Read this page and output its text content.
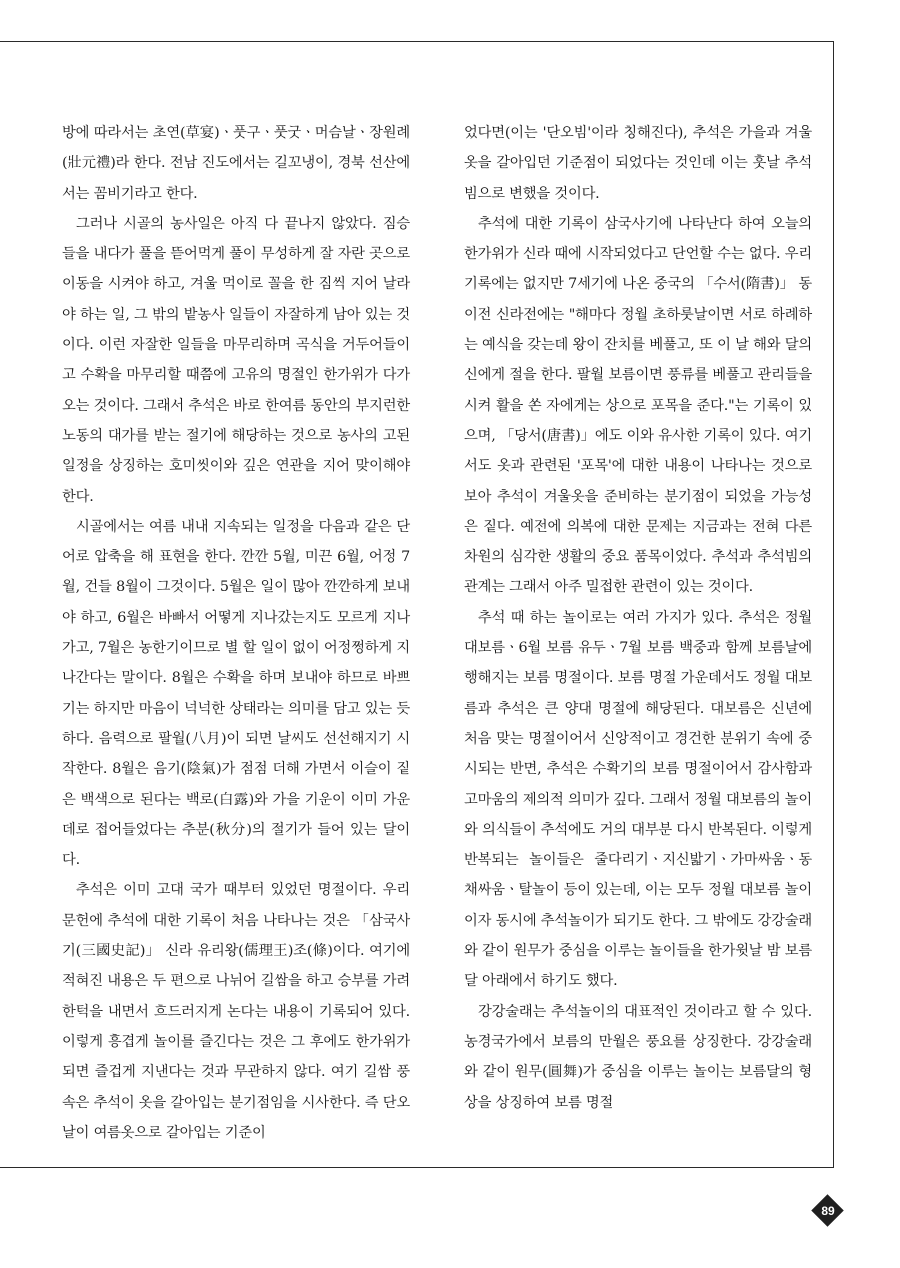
방에 따라서는 초연(草宴)ㆍ풋구ㆍ풋굿ㆍ머슴날ㆍ장원례(壯元禮)라 한다. 전남 진도에서는 길꼬냉이, 경북 선산에서는 꼼비기라고 한다.

그러나 시골의 농사일은 아직 다 끝나지 않았다. 짐승들을 내다가 풀을 뜯어먹게 풀이 무성하게 잘 자란 곳으로 이동을 시켜야 하고, 겨울 먹이로 꼴을 한 짐씩 지어 날라야 하는 일, 그 밖의 밭농사 일들이 자잘하게 남아 있는 것이다. 이런 자잘한 일들을 마무리하며 곡식을 거두어들이고 수확을 마무리할 때쯤에 고유의 명절인 한가위가 다가오는 것이다. 그래서 추석은 바로 한여름 동안의 부지런한 노동의 대가를 받는 절기에 해당하는 것으로 농사의 고된 일정을 상징하는 호미씻이와 깊은 연관을 지어 맞이해야 한다.

시골에서는 여름 내내 지속되는 일정을 다음과 같은 단어로 압축을 해 표현을 한다. 깐깐 5월, 미끈 6월, 어정 7월, 건들 8월이 그것이다. 5월은 일이 많아 깐깐하게 보내야 하고, 6월은 바빠서 어떻게 지나갔는지도 모르게 지나가고, 7월은 농한기이므로 별 할 일이 없이 어정쩡하게 지나간다는 말이다. 8월은 수확을 하며 보내야 하므로 바쁘기는 하지만 마음이 넉넉한 상태라는 의미를 담고 있는 듯하다. 음력으로 팔월(八月)이 되면 날씨도 선선해지기 시작한다. 8월은 음기(陰氣)가 점점 더해 가면서 이슬이 짙은 백색으로 된다는 백로(白露)와 가을 기운이 이미 가운데로 접어들었다는 추분(秋分)의 절기가 들어 있는 달이다.

추석은 이미 고대 국가 때부터 있었던 명절이다. 우리 문헌에 추석에 대한 기록이 처음 나타나는 것은 「삼국사기(三國史記)」 신라 유리왕(儒理王)조(條)이다. 여기에 적혀진 내용은 두 편으로 나뉘어 길쌈을 하고 승부를 가려 한턱을 내면서 흐드러지게 논다는 내용이 기록되어 있다. 이렇게 흥겹게 놀이를 즐긴다는 것은 그 후에도 한가위가 되면 즐겁게 지낸다는 것과 무관하지 않다. 여기 길쌈 풍속은 추석이 옷을 갈아입는 분기점임을 시사한다. 즉 단오날이 여름옷으로 갈아입는 기준이

었다면(이는 '단오빔'이라 칭해진다), 추석은 가을과 겨울옷을 갈아입던 기준점이 되었다는 것인데 이는 훗날 추석빔으로 변했을 것이다.

추석에 대한 기록이 삼국사기에 나타난다 하여 오늘의 한가위가 신라 때에 시작되었다고 단언할 수는 없다. 우리 기록에는 없지만 7세기에 나온 중국의 「수서(隋書)」 동이전 신라전에는 "해마다 정월 초하룻날이면 서로 하례하는 예식을 갖는데 왕이 잔치를 베풀고, 또 이 날 해와 달의 신에게 절을 한다. 팔월 보름이면 풍류를 베풀고 관리들을 시켜 활을 쏜 자에게는 상으로 포목을 준다."는 기록이 있으며, 「당서(唐書)」에도 이와 유사한 기록이 있다. 여기서도 옷과 관련된 '포목'에 대한 내용이 나타나는 것으로 보아 추석이 겨울옷을 준비하는 분기점이 되었을 가능성은 짙다. 예전에 의복에 대한 문제는 지금과는 전혀 다른 차원의 심각한 생활의 중요 품목이었다. 추석과 추석빔의 관계는 그래서 아주 밀접한 관련이 있는 것이다.

추석 때 하는 놀이로는 여러 가지가 있다. 추석은 정월 대보름ㆍ6월 보름 유두ㆍ7월 보름 백중과 함께 보름날에 행해지는 보름 명절이다. 보름 명절 가운데서도 정월 대보름과 추석은 큰 양대 명절에 해당된다. 대보름은 신년에 처음 맞는 명절이어서 신앙적이고 경건한 분위기 속에 중시되는 반면, 추석은 수확기의 보름 명절이어서 감사함과 고마움의 제의적 의미가 깊다. 그래서 정월 대보름의 놀이와 의식들이 추석에도 거의 대부분 다시 반복된다. 이렇게 반복되는 놀이들은 줄다리기ㆍ지신밟기ㆍ가마싸움ㆍ동채싸움ㆍ탈놀이 등이 있는데, 이는 모두 정월 대보름 놀이이자 동시에 추석놀이가 되기도 한다. 그 밖에도 강강술래와 같이 원무가 중심을 이루는 놀이들을 한가윗날 밤 보름달 아래에서 하기도 했다.

강강술래는 추석놀이의 대표적인 것이라고 할 수 있다. 농경국가에서 보름의 만월은 풍요를 상징한다. 강강술래와 같이 원무(圓舞)가 중심을 이루는 놀이는 보름달의 형상을 상징하여 보름 명절

89
